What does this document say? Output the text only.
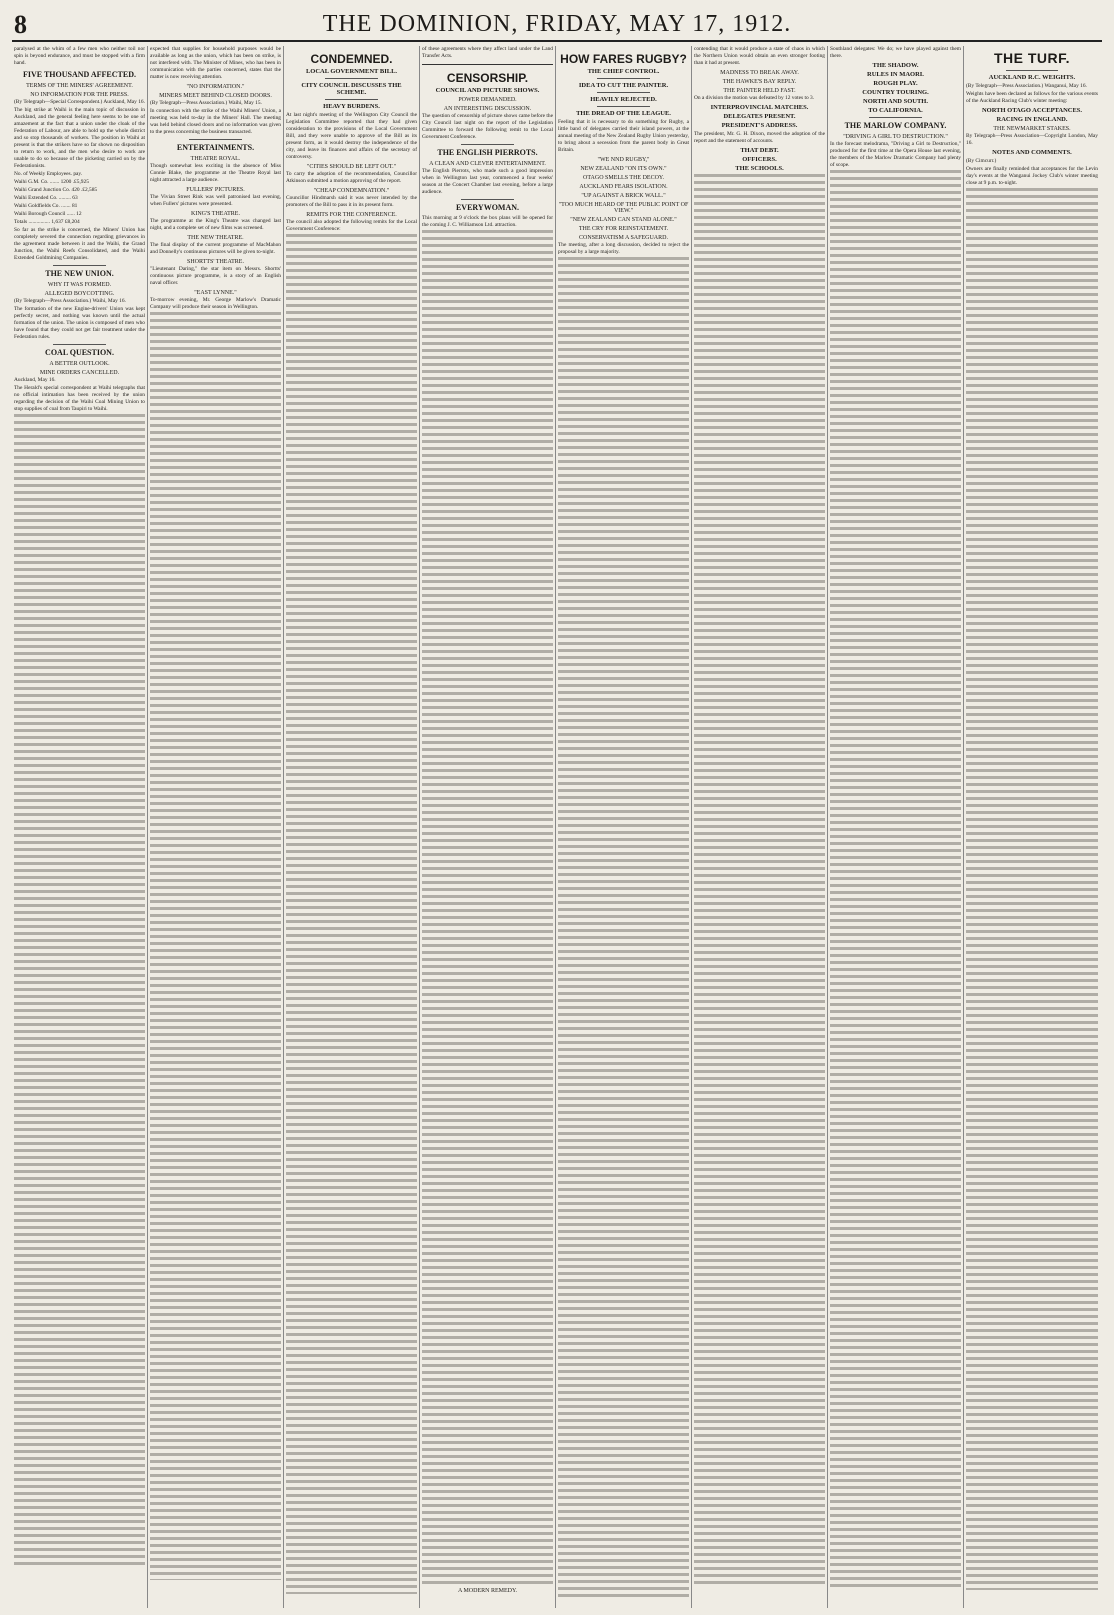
8	THE DOMINION, FRIDAY, MAY 17, 1912.

paralysed at the whim of a few men who neither toil nor spin is beyond endurance, and must be stopped with a firm hand.

FIVE THOUSAND AFFECTED.
TERMS OF THE MINERS' AGREEMENT.
NO INFORMATION FOR THE PRESS.

(By Telegraph—Special Correspondent.) Auckland, May 16.

The big strike at Waihi is the main topic of discussion in Auckland, and the general feeling here seems to be one of amazement at the fact that a union under the cloak of the Federation of Labour, are able to hold up the whole district and so stop thousands of workers. The position in Waihi at present is that the strikers have so far shown no disposition to return to work, and the men who desire to work are unable to do so because of the picketing carried on by the Federationists.

No. of Weekly Employees. pay.

Waihi G.M. Co. ....... 1200 .£5,925

Waihi Grand Junction Co. 420 .£2,585

Waihi Extended Co. ......... 63

Waihi Goldfields Co. ....... 81

Waihi Borough Council ...... 12

Totals ................ 1,637 £8,204

So far as the strike is concerned, the Miners' Union has completely severed the connection regarding grievances in the agreement made between it and the Waihi, the Grand Junction, the Waihi Reefs Consolidated, and the Waihi Extended Goldmining Companies.

THE NEW UNION.
WHY IT WAS FORMED.
ALLEGED BOYCOTTING.

(By Telegraph—Press Association.) Waihi, May 16.

The formation of the new Engine-drivers' Union was kept perfectly secret, and nothing was known until the actual formation of the union. The union is composed of men who have found that they could not get fair treatment under the Federation rules.

COAL QUESTION.
A BETTER OUTLOOK.
MINE ORDERS CANCELLED.

Auckland, May 16.

The Herald's special correspondent at Waihi telegraphs that no official intimation has been received by the union regarding the decision of the Waihi Coal Mining Union to stop supplies of coal from Taupiri to Waihi.

expected that supplies for household purposes would be available as long as the union, which has been on strike, is not interfered with. The Minister of Mines, who has been in communication with the parties concerned, states that the matter is now receiving attention.

"NO INFORMATION."
MINERS MEET BEHIND CLOSED DOORS.

(By Telegraph—Press Association.) Waihi, May 15.

In connection with the strike of the Waihi Miners' Union, a meeting was held to-day in the Miners' Hall. The meeting was held behind closed doors and no information was given to the press concerning the business transacted.

ENTERTAINMENTS.
THEATRE ROYAL.

Though somewhat less exciting in the absence of Miss Connie Blake, the programme at the Theatre Royal last night attracted a large audience.

FULLERS' PICTURES.

The Vivian Street Rink was well patronised last evening, when Fullers' pictures were presented.

KING'S THEATRE.

The programme at the King's Theatre was changed last night, and a complete set of new films was screened.

THE NEW THEATRE.

The final display of the current programme of MacMahon and Donnelly's continuous pictures will be given to-night.

SHORTTS' THEATRE.

"Lieutenant Daring," the star item on Messrs. Shortts' continuous picture programme, is a story of an English naval officer.

"EAST LYNNE."

To-morrow evening, Mr. George Marlow's Dramatic Company will produce their season in Wellington.

CONDEMNED.
LOCAL GOVERNMENT BILL.
CITY COUNCIL DISCUSSES THE SCHEME.
HEAVY BURDENS.

At last night's meeting of the Wellington City Council the Legislation Committee reported that they had given consideration to the provisions of the Local Government Bill, and they were unable to approve of the Bill as its present form, as it would destroy the independence of the city, and leave its finances and affairs of the secretary of controversy.

"CITIES SHOULD BE LEFT OUT."

To carry the adoption of the recommendation, Councillor Atkinson submitted a motion approving of the report.

"CHEAP CONDEMNATION."

Councillor Hindmarsh said it was never intended by the promoters of the Bill to pass it in its present form.

REMITS FOR THE CONFERENCE.

The council also adopted the following remits for the Local Government Conference:

of these agreements where they affect land under the Land Transfer Acts.

CENSORSHIP.
COUNCIL AND PICTURE SHOWS.
POWER DEMANDED.
AN INTERESTING DISCUSSION.

The question of censorship of picture shows came before the City Council last night on the report of the Legislation Committee to forward the following remit to the Local Government Conference.

THE ENGLISH PIERROTS.
A CLEAN AND CLEVER ENTERTAINMENT.

The English Pierrots, who made such a good impression when in Wellington last year, commenced a four weeks' season at the Concert Chamber last evening, before a large audience.

EVERYWOMAN.

This morning at 9 o'clock the box plans will be opened for the coming J. C. Williamson Ltd. attraction.

A MODERN REMEDY.
HOW FARES RUGBY?
THE CHIEF CONTROL.
IDEA TO CUT THE PAINTER.
HEAVILY REJECTED.
THE DREAD OF THE LEAGUE.

Feeling that it is necessary to do something for Rugby, a little band of delegates carried their island powers, at the annual meeting of the New Zealand Rugby Union yesterday, to bring about a secession from the parent body in Great Britain.

"WE NND RUGBY,"
NEW ZEALAND "ON ITS OWN."
OTAGO SMELLS THE DECOY.
AUCKLAND FEARS ISOLATION.
"UP AGAINST A BRICK WALL."
"TOO MUCH HEARD OF THE PUBLIC POINT OF VIEW."
"NEW ZEALAND CAN STAND ALONE."
THE CRY FOR REINSTATEMENT.
CONSERVATISM A SAFEGUARD.

The meeting, after a long discussion, decided to reject the proposal by a large majority.

contending that it would produce a state of chaos in which the Northern Union would obtain an even stronger footing than it had at present.

MADNESS TO BREAK AWAY.
THE HAWKE'S BAY REPLY.
THE PAINTER HELD FAST.

On a division the motion was defeated by 12 votes to 3.

INTERPROVINCIAL MATCHES.
DELEGATES PRESENT.
PRESIDENT'S ADDRESS.

The president, Mr. G. H. Dixon, moved the adoption of the report and the statement of accounts.

THAT DEBT.
OFFICERS.
THE SCHOOLS.

Southland delegates: We do; we have played against them there.

THE SHADOW.
RULES IN MAORI.
ROUGH PLAY.
COUNTRY TOURING.
NORTH AND SOUTH.
TO CALIFORNIA.
THE MARLOW COMPANY.
"DRIVING A GIRL TO DESTRUCTION."

In the forecast melodrama, "Driving a Girl to Destruction," produced for the first time at the Opera House last evening, the members of the Marlow Dramatic Company had plenty of scope.

THE TURF.
AUCKLAND R.C. WEIGHTS.

(By Telegraph—Press Association.) Wanganui, May 16.

Weights have been declared as follows for the various events of the Auckland Racing Club's winter meeting:

NORTH OTAGO ACCEPTANCES.
RACING IN ENGLAND.
THE NEWMARKET STAKES.

By Telegraph—Press Association—Copyright London, May 16.

NOTES AND COMMENTS.

(By Cimcurr.)

Owners are finally reminded that acceptances for the Levin day's events at the Wanganui Jockey Club's winter meeting close at 9 p.m. to-night.
